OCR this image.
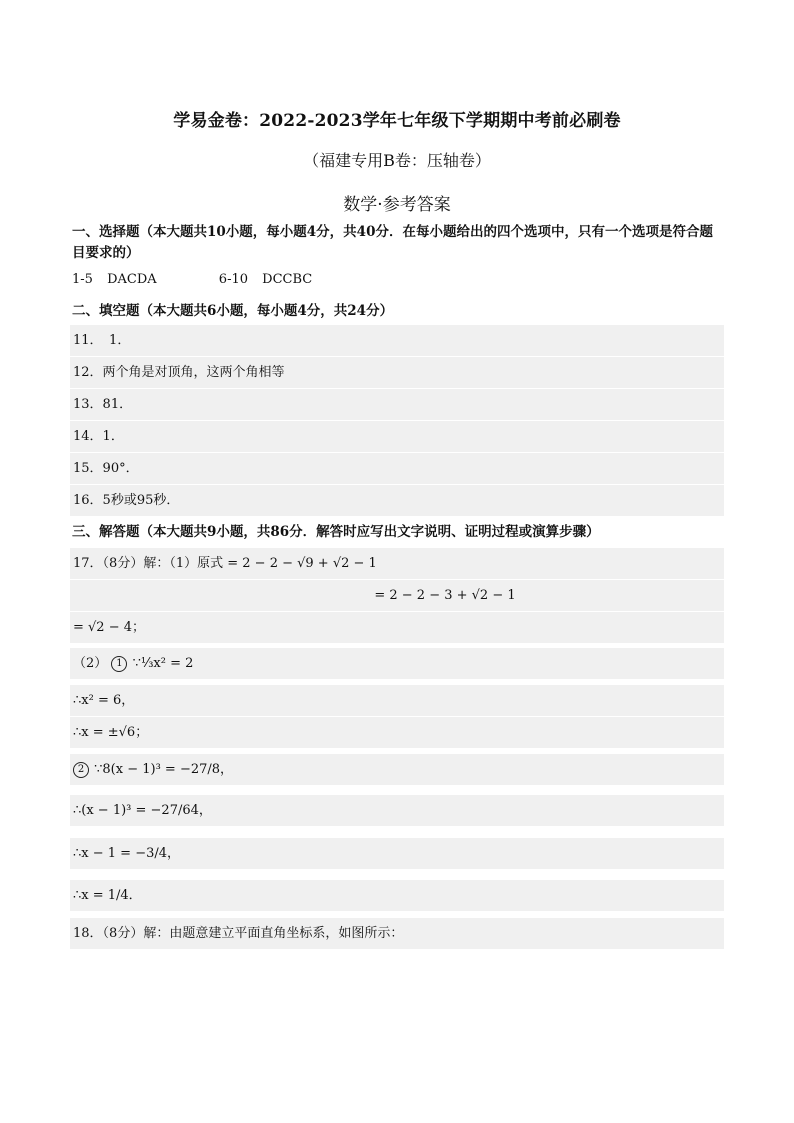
学易金卷：2022-2023学年七年级下学期期中考前必刷卷
（福建专用B卷：压轴卷）
数学·参考答案
一、选择题（本大题共10小题，每小题4分，共40分．在每小题给出的四个选项中，只有一个选项是符合题目要求的）
1-5 DACDA	6-10 DCCBC
二、填空题（本大题共6小题，每小题4分，共24分）
11．　1．
12．两个角是对顶角，这两个角相等
13．81．
14．1．
15．90°．
16．5秒或95秒．
三、解答题（本大题共9小题，共86分．解答时应写出文字说明、证明过程或演算步骤）
17．（8分）解：（1）原式 = 2 − 2 − √9 + √2 − 1
= 2 − 2 − 3 + √2 − 1
= √2 − 4；
（2） 1 ∵⅓x² = 2
∴x² = 6，
∴x = ±√6；
2 ∵8(x − 1)³ = −27/8，
∴(x − 1)³ = −27/64，
∴x − 1 = −3/4，
∴x = 1/4．
18．（8分）解：由题意建立平面直角坐标系，如图所示：
